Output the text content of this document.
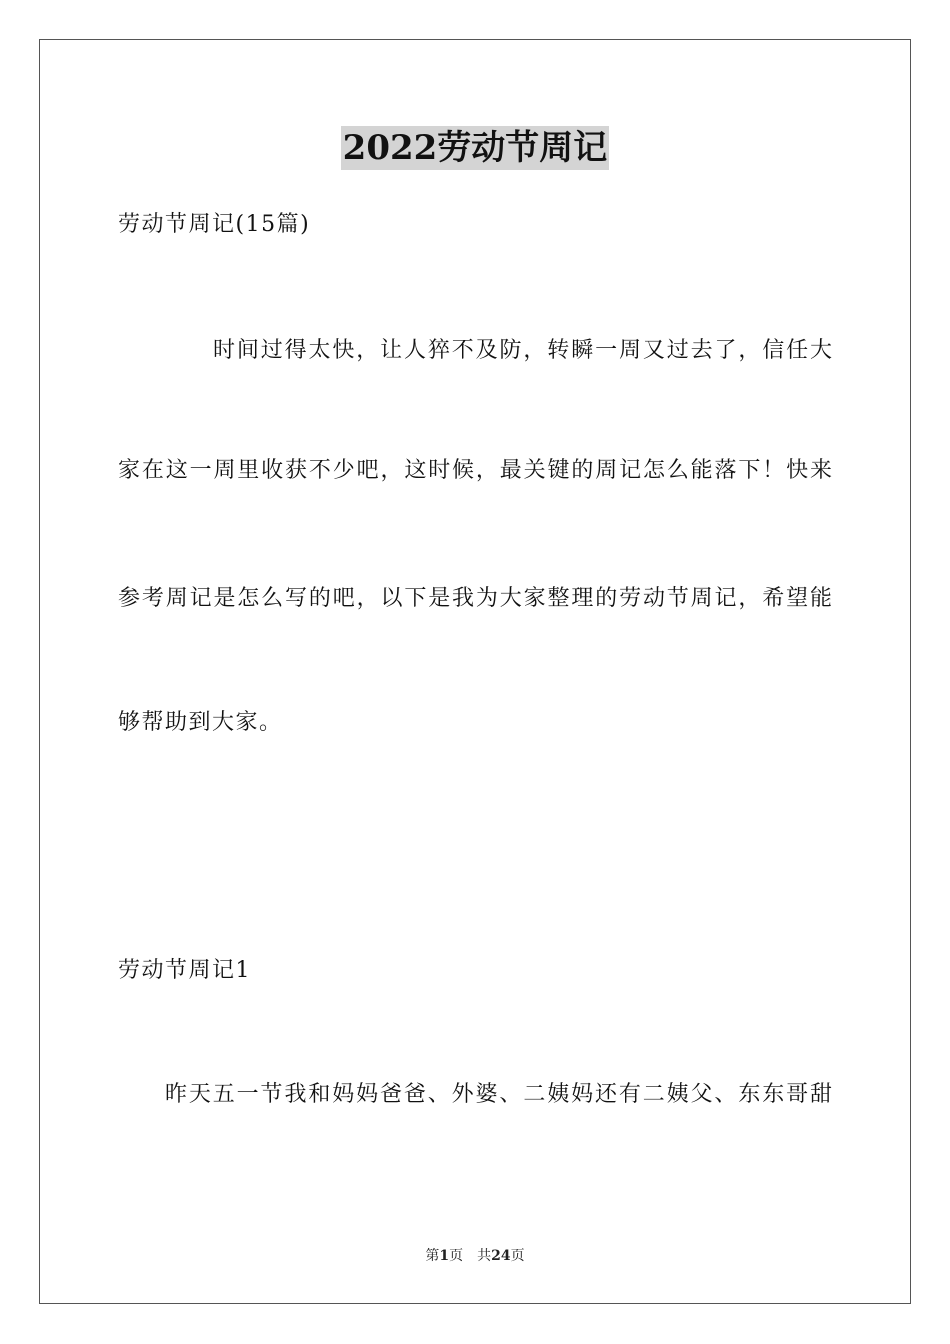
2022劳动节周记
劳动节周记(15篇)
时间过得太快，让人猝不及防，转瞬一周又过去了，信任大
家在这一周里收获不少吧，这时候，最关键的周记怎么能落下！快来
参考周记是怎么写的吧，以下是我为大家整理的劳动节周记，希望能
够帮助到大家。
劳动节周记1
昨天五一节我和妈妈爸爸、外婆、二姨妈还有二姨父、东东哥甜
第1页 共24页
